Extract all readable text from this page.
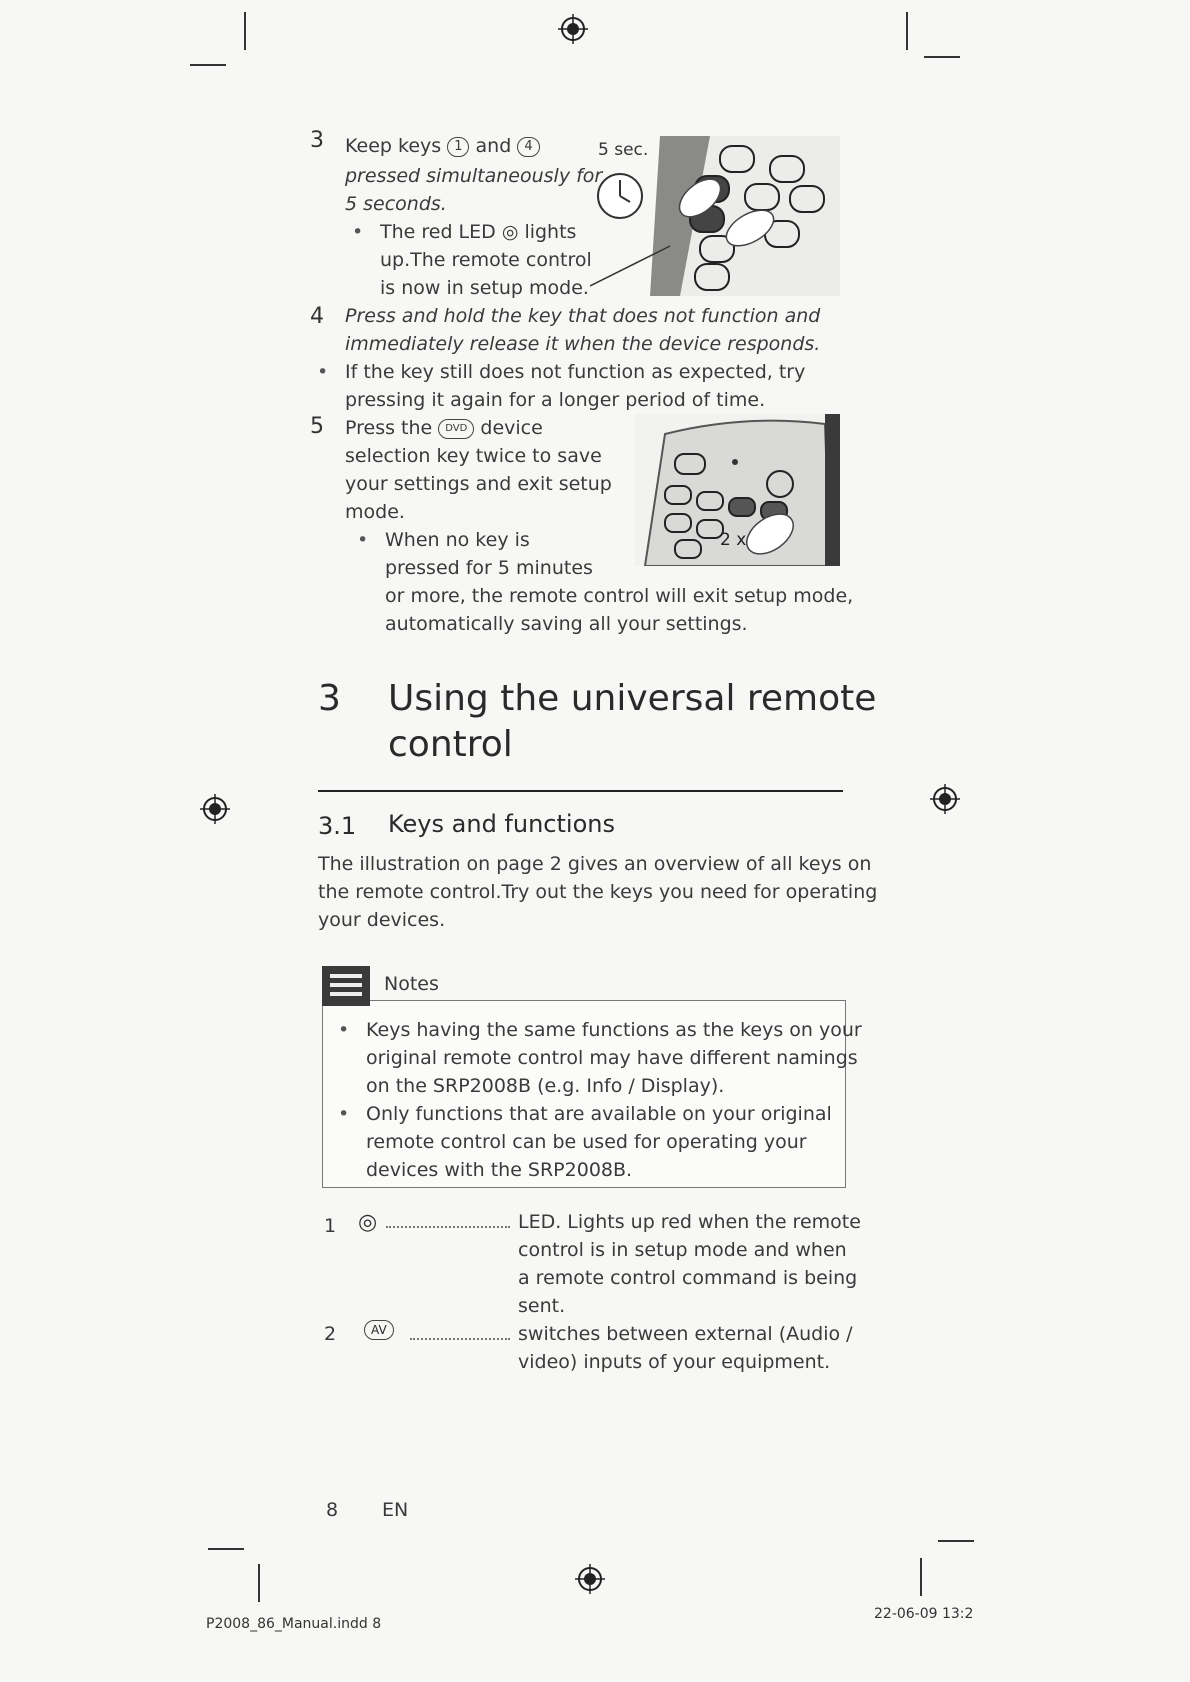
3 Keep keys 1 and 4
pressed simultaneously for
5 seconds.
• The red LED ◎ lights
up.The remote control
is now in setup mode.
5 sec.
4 Press and hold the key that does not function and
immediately release it when the device responds.
• If the key still does not function as expected, try
pressing it again for a longer period of time.
5 Press the DVD device
selection key twice to save
your settings and exit setup
mode.
• When no key is
pressed for 5 minutes
or more, the remote control will exit setup mode,
automatically saving all your settings.
2 x
3 Using the universal remote
control
3.1 Keys and functions
The illustration on page 2 gives an overview of all keys on
the remote control.Try out the keys you need for operating
your devices.
Notes
• Keys having the same functions as the keys on your
original remote control may have different namings
on the SRP2008B (e.g. Info / Display).
• Only functions that are available on your original
remote control can be used for operating your
devices with the SRP2008B.
1 ◎	LED. Lights up red when the remote
control is in setup mode and when
a remote control command is being
sent.
2	AV	switches between external (Audio /
video) inputs of your equipment.
8 EN
P2008_86_Manual.indd 8
22-06-09 13:2
